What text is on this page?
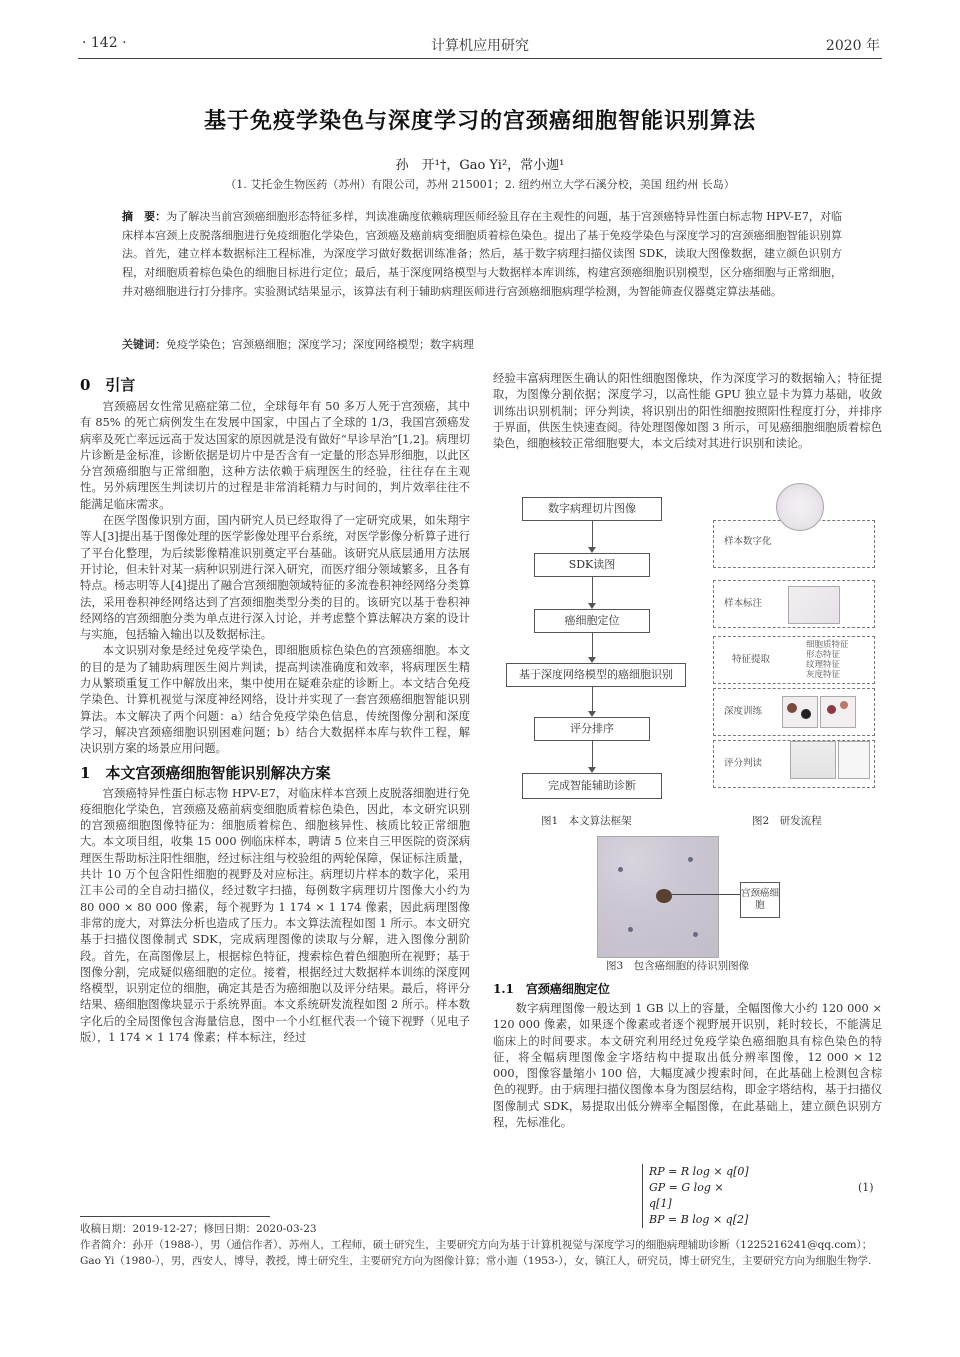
· 142 ·	计算机应用研究	2020 年
基于免疫学染色与深度学习的宫颈癌细胞智能识别算法
孙　开¹†，Gao Yi²，常小迦¹
（1. 艾托金生物医药（苏州）有限公司，苏州 215001；2. 纽约州立大学石溪分校，美国 纽约州 长岛）
摘　要：为了解决当前宫颈癌细胞形态特征多样，判读准确度依赖病理医师经验且存在主观性的问题，基于宫颈癌特异性蛋白标志物 HPV-E7，对临床样本宫颈上皮脱落细胞进行免疫细胞化学染色，宫颈癌及癌前病变细胞质着棕色染色。提出了基于免疫学染色与深度学习的宫颈癌细胞智能识别算法。首先，建立样本数据标注工程标准，为深度学习做好数据训练准备；然后，基于数字病理扫描仪读图 SDK，读取大图像数据，建立颜色识别方程，对细胞质着棕色染色的细胞目标进行定位；最后，基于深度网络模型与大数据样本库训练，构建宫颈癌细胞识别模型，区分癌细胞与正常细胞，并对癌细胞进行打分排序。实验测试结果显示，该算法有利于辅助病理医师进行宫颈癌细胞病理学检测，为智能筛查仪器奠定算法基础。
关键词：免疫学染色；宫颈癌细胞；深度学习；深度网络模型；数字病理
0　引言

宫颈癌居女性常见癌症第二位，全球每年有 50 多万人死于宫颈癌，其中有 85% 的死亡病例发生在发展中国家，中国占了全球的 1/3，我国宫颈癌发病率及死亡率远远高于发达国家的原因就是没有做好“早诊早治”[1,2]。病理切片诊断是金标准，诊断依据是切片中是否含有一定量的形态异形细胞，以此区分宫颈癌细胞与正常细胞，这种方法依赖于病理医生的经验，往往存在主观性。另外病理医生判读切片的过程是非常消耗精力与时间的，判片效率往往不能满足临床需求。

在医学图像识别方面，国内研究人员已经取得了一定研究成果，如朱翔宇等人[3]提出基于图像处理的医学影像处理平台系统，对医学影像分析算子进行了平台化整理，为后续影像精准识别奠定平台基础。该研究从底层通用方法展开讨论，但未针对某一病种识别进行深入研究，而医疗细分领域繁多，且各有特点。杨志明等人[4]提出了融合宫颈细胞领域特征的多流卷积神经网络分类算法，采用卷积神经网络达到了宫颈细胞类型分类的目的。该研究以基于卷积神经网络的宫颈细胞分类为单点进行深入讨论，并考虑整个算法解决方案的设计与实施，包括输入输出以及数据标注。

本文识别对象是经过免疫学染色，即细胞质棕色染色的宫颈癌细胞。本文的目的是为了辅助病理医生阅片判读，提高判读准确度和效率，将病理医生精力从繁琐重复工作中解放出来，集中使用在疑难杂症的诊断上。本文结合免疫学染色、计算机视觉与深度神经网络，设计并实现了一套宫颈癌细胞智能识别算法。本文解决了两个问题：a）结合免疫学染色信息，传统图像分割和深度学习，解决宫颈癌细胞识别困难问题；b）结合大数据样本库与软件工程，解决识别方案的场景应用问题。

1　本文宫颈癌细胞智能识别解决方案

宫颈癌特异性蛋白标志物 HPV-E7，对临床样本宫颈上皮脱落细胞进行免疫细胞化学染色，宫颈癌及癌前病变细胞质着棕色染色，因此，本文研究识别的宫颈癌细胞图像特征为：细胞质着棕色、细胞核异性、核质比较正常细胞大。本文项目组，收集 15 000 例临床样本，聘请 5 位来自三甲医院的资深病理医生帮助标注阳性细胞，经过标注组与校验组的两轮保障，保证标注质量，共计 10 万个包含阳性细胞的视野及对应标注。病理切片样本的数字化，采用江丰公司的全自动扫描仪，经过数字扫描，每例数字病理切片图像大小约为 80 000 × 80 000 像素，每个视野为 1 174 × 1 174 像素，因此病理图像非常的庞大，对算法分析也造成了压力。本文算法流程如图 1 所示。本文研究基于扫描仪图像制式 SDK，完成病理图像的读取与分解，进入图像分割阶段。首先，在高图像层上，根据棕色特征，搜索棕色着色细胞所在视野；基于图像分割，完成疑似癌细胞的定位。接着，根据经过大数据样本训练的深度网络模型，识别定位的细胞，确定其是否为癌细胞以及评分结果。最后，将评分结果、癌细胞图像块显示于系统界面。本文系统研发流程如图 2 所示。样本数字化后的全局图像包含海量信息，图中一个小红框代表一个镜下视野（见电子版），1 174 × 1 174 像素；样本标注，经过

经验丰富病理医生确认的阳性细胞图像块，作为深度学习的数据输入；特征提取，为图像分割依据；深度学习，以高性能 GPU 独立显卡为算力基础，收敛训练出识别机制；评分判读，将识别出的阳性细胞按照阳性程度打分，并排序于界面，供医生快速查阅。待处理图像如图 3 所示，可见癌细胞细胞质着棕色染色，细胞核较正常细胞要大，本文后续对其进行识别和读论。

数字病理切片图像
SDK读图
癌细胞定位
基于深度网络模型的癌细胞识别
评分排序
完成智能辅助诊断
图1　本文算法框架
样本数字化
样本标注
特征提取
细胞质特征
形态特征
纹理特征
灰度特征
深度训练
评分判读
图2　研发流程
宫颈癌细胞
图3　包含癌细胞的待识别图像
1.1　宫颈癌细胞定位

数字病理图像一般达到 1 GB 以上的容量，全幅图像大小约 120 000 × 120 000 像素，如果逐个像素或者逐个视野展开识别，耗时较长，不能满足临床上的时间要求。本文研究利用经过免疫学染色癌细胞具有棕色染色的特征，将全幅病理图像金字塔结构中提取出低分辨率图像，12 000 × 12 000，图像容量缩小 100 倍，大幅度减少搜索时间，在此基础上检测包含棕色的视野。由于病理扫描仪图像本身为图层结构，即金字塔结构，基于扫描仪图像制式 SDK，易提取出低分辨率全幅图像，在此基础上，建立颜色识别方程，先标准化。

RP = R log × q[0]
GP = G log × q[1]
BP = B log × q[2]
(1)
收稿日期：2019-12-27；修回日期：2020-03-23
作者简介：孙开（1988-），男（通信作者），苏州人，工程师，硕士研究生，主要研究方向为基于计算机视觉与深度学习的细胞病理辅助诊断（1225216241@qq.com）；Gao Yi（1980-），男，西安人，博导，教授，博士研究生，主要研究方向为图像计算；常小迦（1953-），女，镇江人，研究员，博士研究生，主要研究方向为细胞生物学.
